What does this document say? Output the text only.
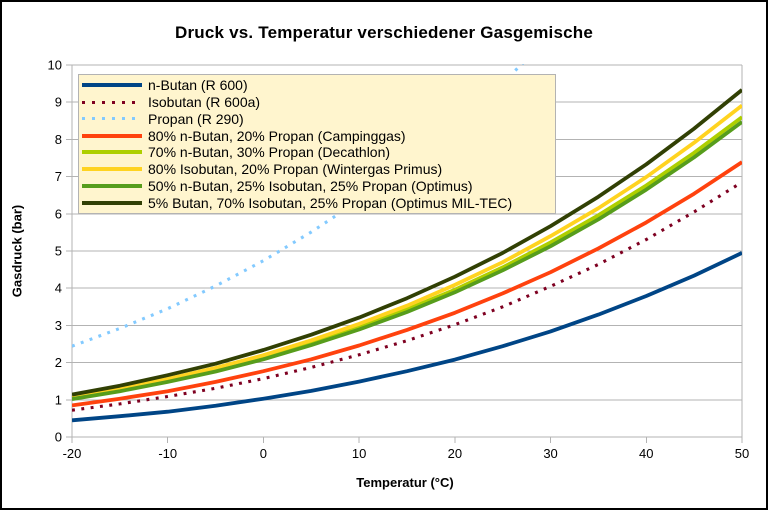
Druck vs. Temperatur verschiedener Gasgemische
0
1
2
3
4
5
6
7
8
9
10
-20	-10	0	10	20	30	40	50
Gasdruck (bar)
Temperatur (°C)
n-Butan (R 600)
Isobutan (R 600a)
Propan (R 290)
80% n-Butan, 20% Propan (Campinggas)
70% n-Butan, 30% Propan (Decathlon)
80% Isobutan, 20% Propan (Wintergas Primus)
50% n-Butan, 25% Isobutan, 25% Propan (Optimus)
5% Butan, 70% Isobutan, 25% Propan (Optimus MIL-TEC)
